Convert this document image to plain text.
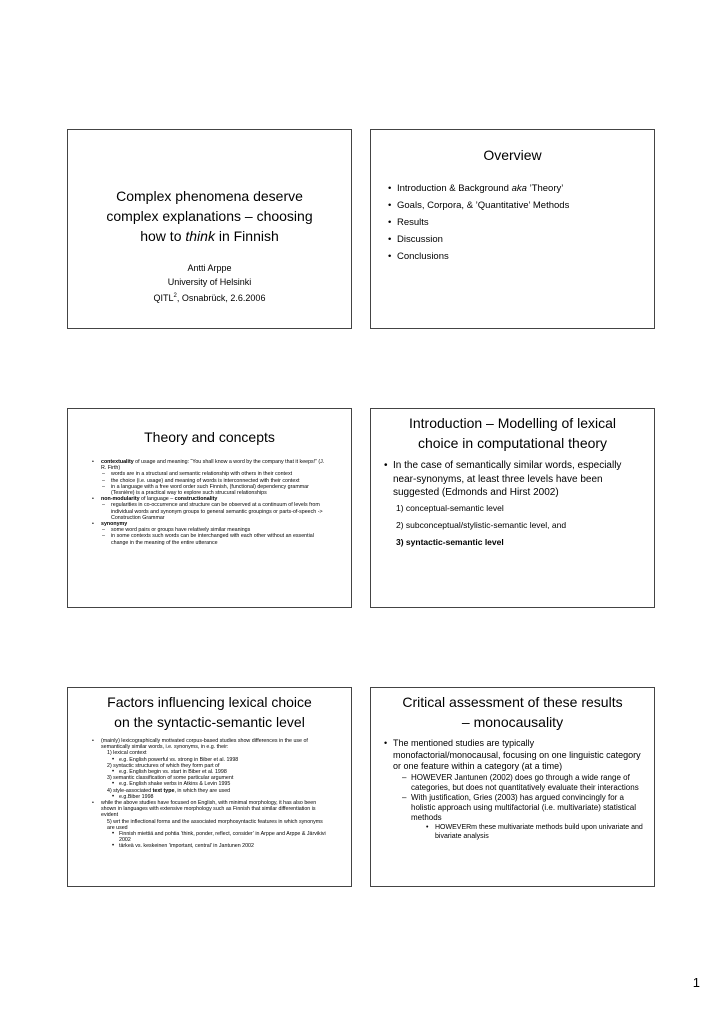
Complex phenomena deserve
complex explanations – choosing
how to think in Finnish
Antti Arppe
University of Helsinki
QITL$^2$, Osnabrück, 2.6.2006
Overview
• Introduction & Background aka ’Theory’
• Goals, Corpora, & ’Quantitative’ Methods
• Results
• Discussion
• Conclusions
Theory and concepts
• contextuality of usage and meaning: “You shall know a word by the company that it keeps!” (J. R. Firth)
– words are in a structural and semantic relationship with others in their context
– the choice (i.e. usage) and meaning of words is interconnected with their context
– in a language with a free word order such Finnish, (functional) dependency grammar (Tesnière) is a practical way to explore such strucural relationships
• non-modularity of language – constructionality
– regularities in co-occurrence and structure can be observed at a continuum of levels from individual words and synonym groups to general semantic groupings or parts-of-speech -> Construction Grammar
• synonymy
– some word pairs or groups have relatively similar meanings
– in some contexts such words can be interchanged with each other without an essential change in the meaning of the entire utterance
Introduction – Modelling of lexical
choice in computational theory
• In the case of semantically similar words, especially near-synonyms, at least three levels have been suggested (Edmonds and Hirst 2002)
1) conceptual-semantic level
2) subconceptual/stylistic-semantic level, and
3) syntactic-semantic level
Factors influencing lexical choice
on the syntactic-semantic level
• (mainly) lexicographically motivated corpus-based studies show differences in the use of semantically similar words, i.e. synonyms, in e.g. their:
1) lexical context
• e.g. English powerful vs. strong in Biber et al. 1998
2) syntactic structures of which they form part of
• e.g. English begin vs. start in Biber et al. 1998
3) semantic classification of some particular argument
• e.g. English shake verbs in Atkins & Levin 1995
4) style-associated text type, in which they are used
• e.g.Biber 1998
• while the above studies have focused on English, with minimal morphology, it has also been shown in languages with extensive morphology such as Finnish that similar differentiation is evident
5) wrt the inflectional forms and the associated morphosyntactic features in which synonyms are used
• Finnish miettiä and pohtia ’think, ponder, reflect, consider’ in Arppe and Arppe & Järvikivi 2002
• tärkeä vs. keskeinen ’important, central’ in Jantunen 2002
Critical assessment of these results
– monocausality
• The mentioned studies are typically monofactorial/monocausal, focusing on one linguistic category or one feature within a category (at a time)
– HOWEVER Jantunen (2002) does go through a wide range of categories, but does not quantitatively evaluate their interactions
– With justification, Gries (2003) has argued convincingly for a holistic approach using multifactorial (i.e. multivariate) statistical methods
• HOWEVERm these multivariate methods build upon univariate and bivariate analysis
1
